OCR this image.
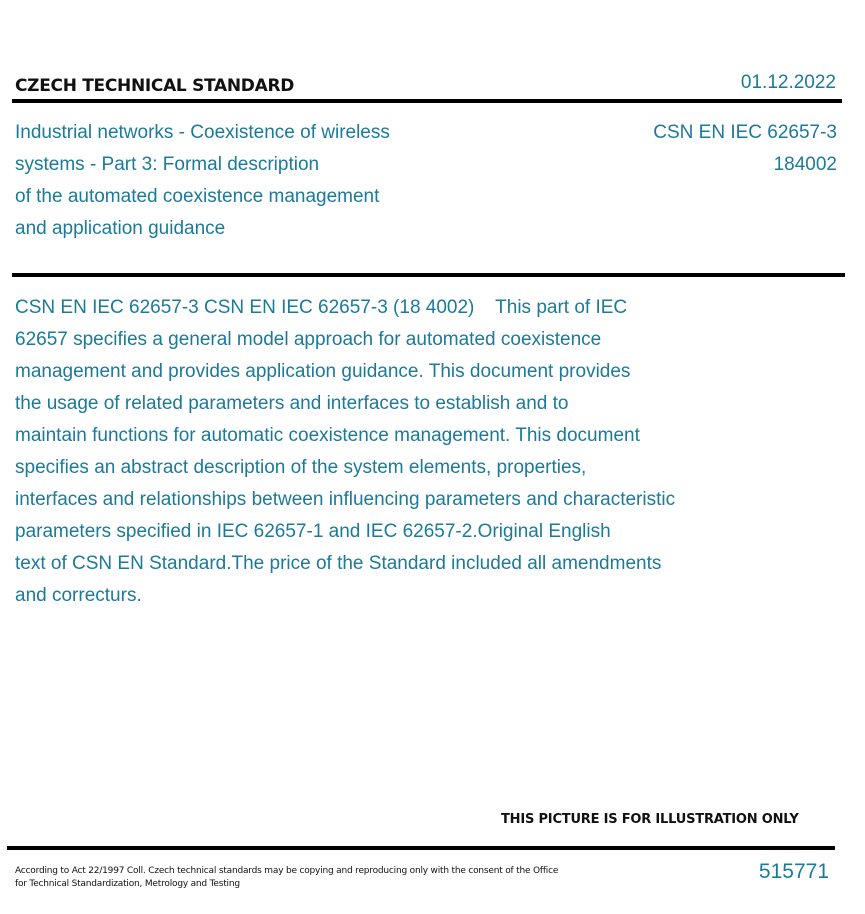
CZECH TECHNICAL STANDARD	01.12.2022
Industrial networks - Coexistence of wireless
systems - Part 3: Formal description
of the automated coexistence management
and application guidance
CSN EN IEC 62657-3
184002
CSN EN IEC 62657-3 CSN EN IEC 62657-3 (18 4002)    This part of IEC
62657 specifies a general model approach for automated coexistence
management and provides application guidance. This document provides
the usage of related parameters and interfaces to establish and to
maintain functions for automatic coexistence management. This document
specifies an abstract description of the system elements, properties,
interfaces and relationships between influencing parameters and characteristic
parameters specified in IEC 62657-1 and IEC 62657-2.Original English
text of CSN EN Standard.The price of the Standard included all amendments
and correcturs.
THIS PICTURE IS FOR ILLUSTRATION ONLY
According to Act 22/1997 Coll. Czech technical standards may be copying and reproducing only with the consent of the Office
for Technical Standardization, Metrology and Testing
515771
